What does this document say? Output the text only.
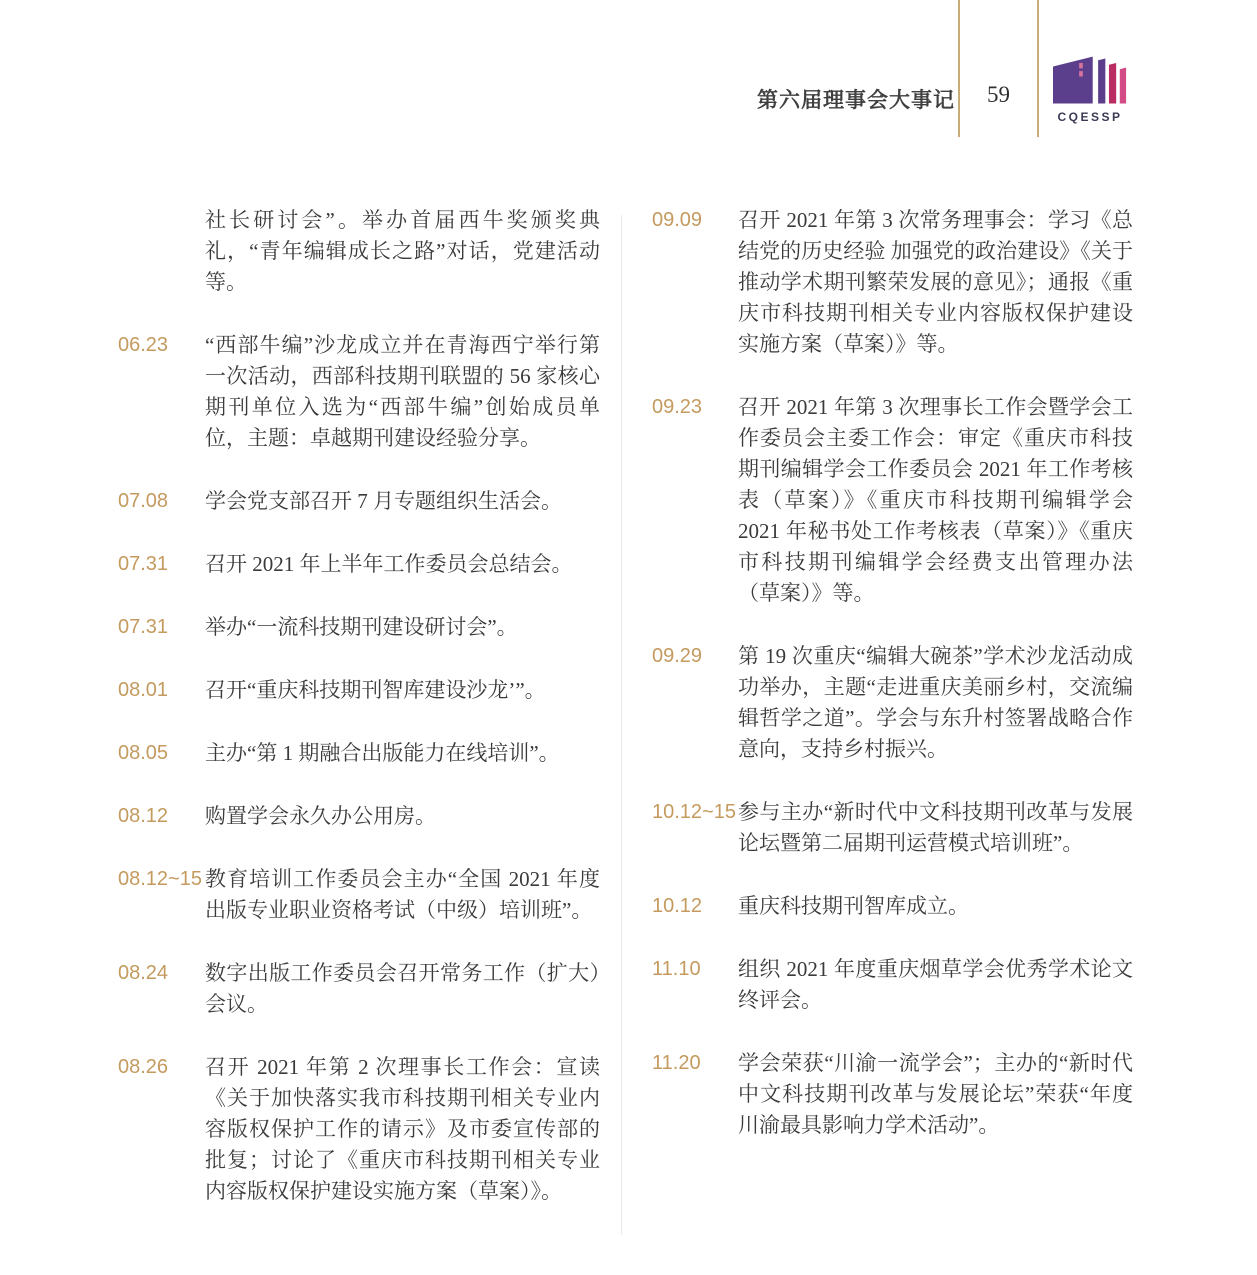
第六届理事会大事记	59
CQESSP

社长研讨会”。举办首届西牛奖颁奖典礼，“青年编辑成长之路”对话，党建活动等。

06.23	“西部牛编”沙龙成立并在青海西宁举行第一次活动，西部科技期刊联盟的 56 家核心期刊单位入选为“西部牛编”创始成员单位，主题：卓越期刊建设经验分享。

07.08	学会党支部召开 7 月专题组织生活会。

07.31	召开 2021 年上半年工作委员会总结会。

07.31	举办“一流科技期刊建设研讨会”。

08.01	召开“重庆科技期刊智库建设沙龙’”。

08.05	主办“第 1 期融合出版能力在线培训”。

08.12	购置学会永久办公用房。

08.12~15 教育培训工作委员会主办“全国 2021 年度出版专业职业资格考试（中级）培训班”。

08.24	数字出版工作委员会召开常务工作（扩大）会议。

08.26	召开 2021 年第 2 次理事长工作会：宣读《关于加快落实我市科技期刊相关专业内容版权保护工作的请示》及市委宣传部的批复；讨论了《重庆市科技期刊相关专业内容版权保护建设实施方案（草案）》。

09.09	召开 2021 年第 3 次常务理事会：学习《总结党的历史经验 加强党的政治建设》《关于推动学术期刊繁荣发展的意见》；通报《重庆市科技期刊相关专业内容版权保护建设实施方案（草案）》等。

09.23	召开 2021 年第 3 次理事长工作会暨学会工作委员会主委工作会：审定《重庆市科技期刊编辑学会工作委员会 2021 年工作考核表（草案）》《重庆市科技期刊编辑学会 2021 年秘书处工作考核表（草案）》《重庆市科技期刊编辑学会经费支出管理办法（草案）》等。

09.29	第 19 次重庆“编辑大碗茶”学术沙龙活动成功举办，主题“走进重庆美丽乡村，交流编辑哲学之道”。学会与东升村签署战略合作意向，支持乡村振兴。

10.12~15 参与主办“新时代中文科技期刊改革与发展论坛暨第二届期刊运营模式培训班”。

10.12	重庆科技期刊智库成立。

11.10	组织 2021 年度重庆烟草学会优秀学术论文终评会。

11.20	学会荣获“川渝一流学会”；主办的“新时代中文科技期刊改革与发展论坛”荣获“年度川渝最具影响力学术活动”。
